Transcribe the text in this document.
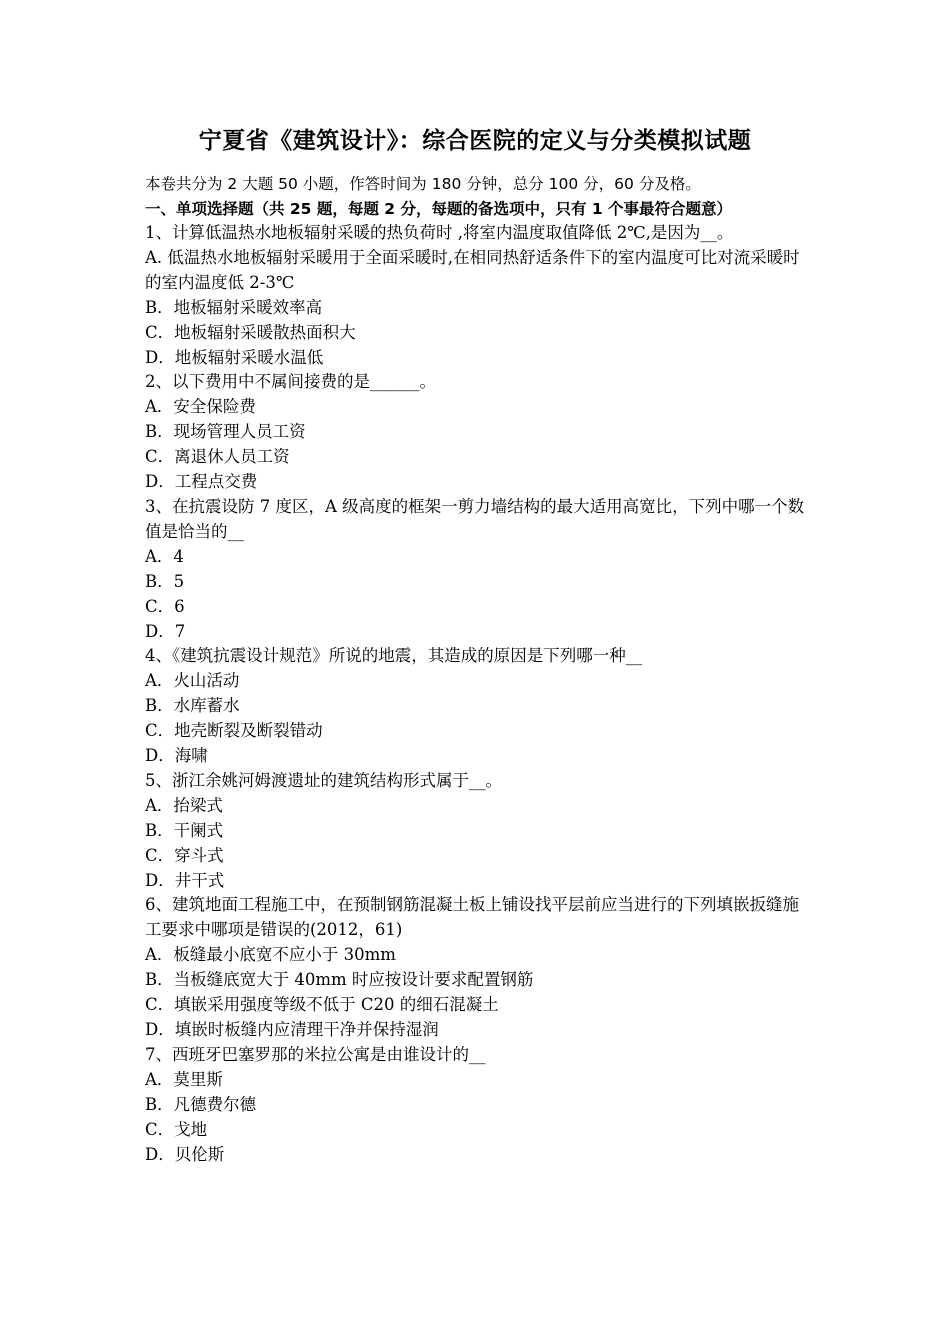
宁夏省《建筑设计》：综合医院的定义与分类模拟试题
本卷共分为 2 大题 50 小题，作答时间为 180 分钟，总分 100 分，60 分及格。
一、单项选择题（共 25 题，每题 2 分，每题的备选项中，只有 1 个事最符合题意）
1、计算低温热水地板辐射采暖的热负荷时 ,将室内温度取值降低 2℃,是因为__。
A. 低温热水地板辐射采暖用于全面采暖时,在相同热舒适条件下的室内温度可比对流采暖时的室内温度低 2-3℃
B．地板辐射采暖效率高
C．地板辐射采暖散热面积大
D．地板辐射采暖水温低
2、以下费用中不属间接费的是______。
A．安全保险费
B．现场管理人员工资
C．离退休人员工资
D．工程点交费
3、在抗震设防 7 度区，A 级高度的框架一剪力墙结构的最大适用高宽比，下列中哪一个数值是恰当的__
A．4
B．5
C．6
D．7
4、《建筑抗震设计规范》所说的地震，其造成的原因是下列哪一种__
A．火山活动
B．水库蓄水
C．地壳断裂及断裂错动
D．海啸
5、浙江余姚河姆渡遗址的建筑结构形式属于__。
A．抬梁式
B．干阑式
C．穿斗式
D．井干式
6、建筑地面工程施工中，在预制钢筋混凝土板上铺设找平层前应当进行的下列填嵌扳缝施工要求中哪项是错误的(2012，61)
A．板缝最小底宽不应小于 30mm
B．当板缝底宽大于 40mm 时应按设计要求配置钢筋
C．填嵌采用强度等级不低于 C20 的细石混凝土
D．填嵌时板缝内应清理干净并保持湿润
7、西班牙巴塞罗那的米拉公寓是由谁设计的__
A．莫里斯
B．凡德费尔德
C．戈地
D．贝伦斯
